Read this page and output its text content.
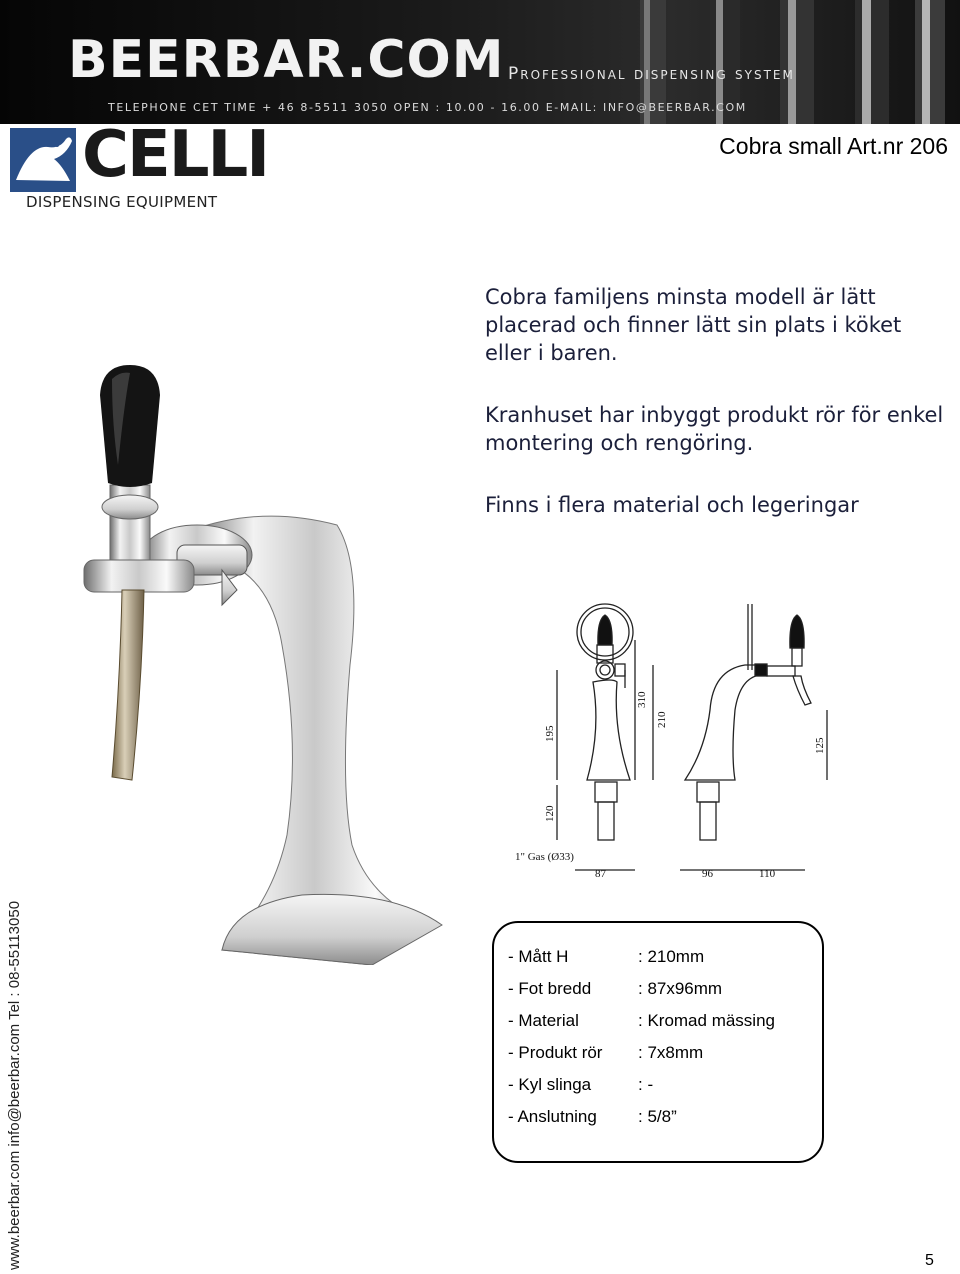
BEERBAR.COM Professional dispensing system
TELEPHONE CET TIME + 46 8-5511 3050 OPEN : 10.00 - 16.00 E-MAIL: INFO@BEERBAR.COM
CELLI
DISPENSING EQUIPMENT
Cobra small Art.nr 206

Cobra familjens minsta modell är lätt placerad och finner lätt sin plats i köket eller i baren.

Kranhuset har inbyggt produkt rör för enkel montering och rengöring.

Finns i flera material och legeringar

195
310
210
125
120
87	96	110
1" Gas (Ø33)
- Mått H	: 210mm
- Fot bredd	: 87x96mm
- Material	: Kromad mässing
- Produkt rör : 7x8mm
- Kyl slinga	: -
- Anslutning : 5/8”
www.beerbar.com info@beerbar.com Tel : 08-55113050	5
